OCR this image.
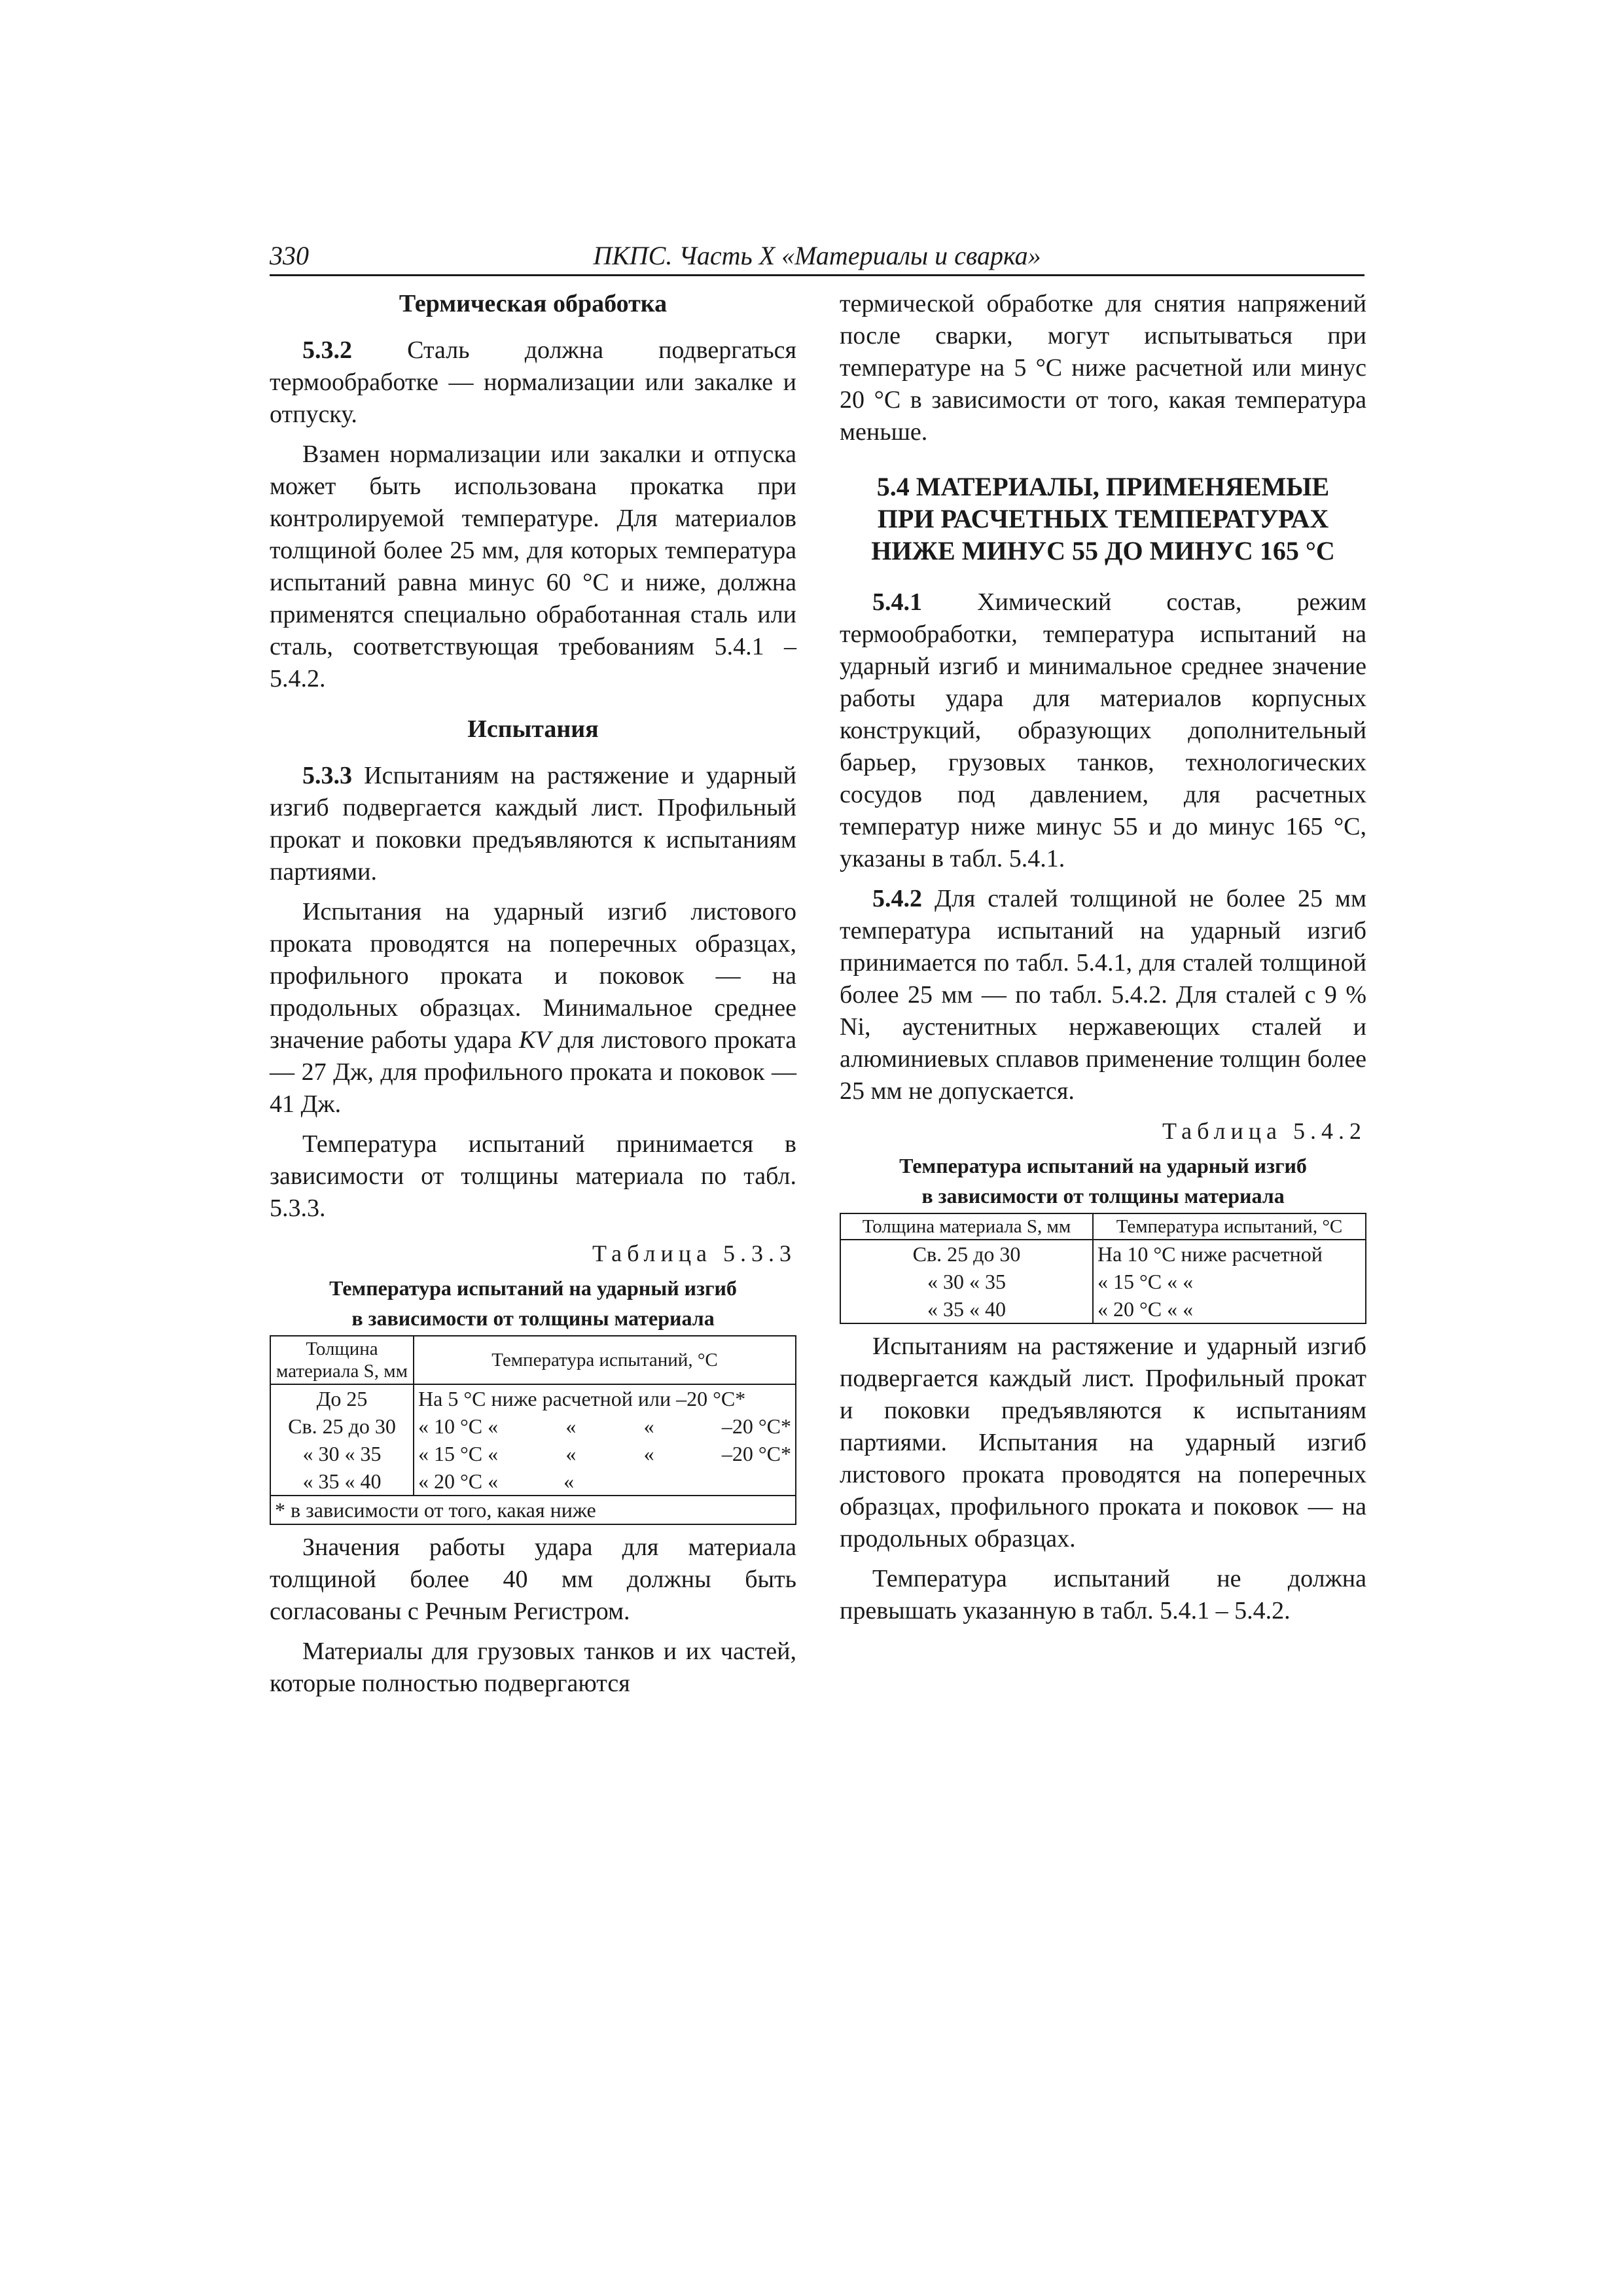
330	ПКПС. Часть X «Материалы и сварка»
Термическая обработка

5.3.2 Сталь должна подвергаться термообработке — нормализации или закалке и отпуску.

Взамен нормализации или закалки и отпуска может быть использована прокатка при контролируемой температуре. Для материалов толщиной более 25 мм, для которых температура испытаний равна минус 60 °С и ниже, должна применятся специально обработанная сталь или сталь, соответствующая требованиям 5.4.1 – 5.4.2.

Испытания

5.3.3 Испытаниям на растяжение и ударный изгиб подвергается каждый лист. Профильный прокат и поковки предъявляются к испытаниям партиями.

Испытания на ударный изгиб листового проката проводятся на поперечных образцах, профильного проката и поковок — на продольных образцах. Минимальное среднее значение работы удара KV для листового проката — 27 Дж, для профильного проката и поковок — 41 Дж.

Температура испытаний принимается в зависимости от толщины материала по табл. 5.3.3.

Таблица 5.3.3
Температура испытаний на ударный изгиб
в зависимости от толщины материала
Толщина материала S, мм	Температура испытаний, °С
До 25	На 5 °С ниже расчетной или –20 °С*
Св. 25 до 30	« 10 °С « « « –20 °С*

« 30 « 35	« 15 °С « « « –20 °С*

« 35 « 40	« 20 °С « «

* в зависимости от того, какая ниже	

Значения работы удара для материала толщиной более 40 мм должны быть согласованы с Речным Регистром.

Материалы для грузовых танков и их частей, которые полностью подвергаются

термической обработке для снятия напряжений после сварки, могут испытываться при температуре на 5 °С ниже расчетной или минус 20 °С в зависимости от того, какая температура меньше.

5.4 МАТЕРИАЛЫ, ПРИМЕНЯЕМЫЕ
ПРИ РАСЧЕТНЫХ ТЕМПЕРАТУРАХ
НИЖЕ МИНУС 55 ДО МИНУС 165 °С

5.4.1 Химический состав, режим термообработки, температура испытаний на ударный изгиб и минимальное среднее значение работы удара для материалов корпусных конструкций, образующих дополнительный барьер, грузовых танков, технологических сосудов под давлением, для расчетных температур ниже минус 55 и до минус 165 °С, указаны в табл. 5.4.1.

5.4.2 Для сталей толщиной не более 25 мм температура испытаний на ударный изгиб принимается по табл. 5.4.1, для сталей толщиной более 25 мм — по табл. 5.4.2. Для сталей с 9 % Ni, аустенитных нержавеющих сталей и алюминиевых сплавов применение толщин более 25 мм не допускается.

Таблица 5.4.2
Температура испытаний на ударный изгиб
в зависимости от толщины материала
Толщина материала S, мм	Температура испытаний, °С
Св. 25 до 30	На 10 °С ниже расчетной
« 30 « 35	« 15 °С « «
« 35 « 40	« 20 °С « «

Испытаниям на растяжение и ударный изгиб подвергается каждый лист. Профильный прокат и поковки предъявляются к испытаниям партиями. Испытания на ударный изгиб листового проката проводятся на поперечных образцах, профильного проката и поковок — на продольных образцах.

Температура испытаний не должна превышать указанную в табл. 5.4.1 – 5.4.2.
